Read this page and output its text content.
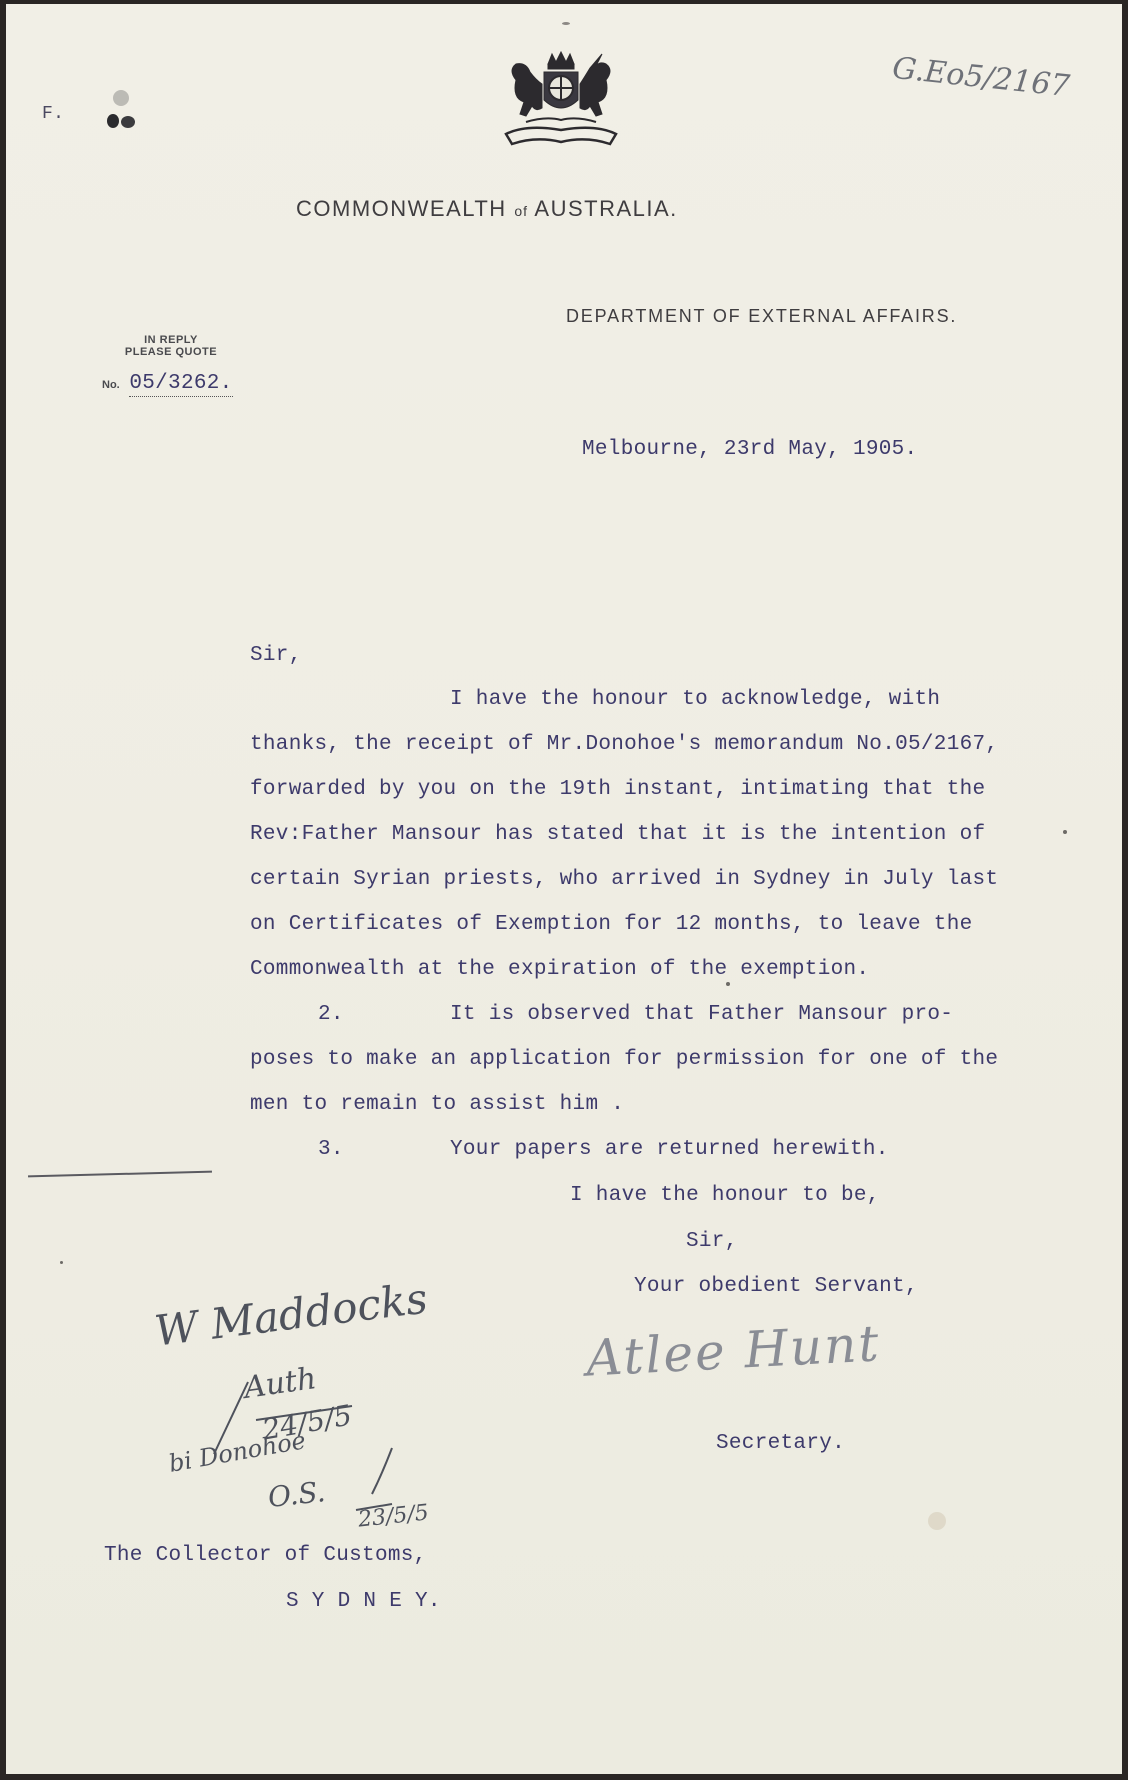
F.
G.Eo5/2167
COMMONWEALTH of AUSTRALIA.
DEPARTMENT OF EXTERNAL AFFAIRS.
IN REPLY
PLEASE QUOTE
No. 05/3262.
Melbourne, 23rd May, 1905.
Sir,
I have the honour to acknowledge, with
thanks, the receipt of Mr.Donohoe's memorandum No.05/2167,
forwarded by you on the 19th instant, intimating that the
Rev:Father Mansour has stated that it is the intention of
certain Syrian priests, who arrived in Sydney in July last
on Certificates of Exemption for 12 months, to leave the
Commonwealth at the expiration of the exemption.
2.	It is observed that Father Mansour pro-
poses to make an application for permission for one of the
men to remain to assist him .
3.	Your papers are returned herewith.
I have the honour to be,
Sir,
Your obedient Servant,
Atlee Hunt
Secretary.
W Maddocks
Auth
24/5/5
bi Donohoe
O.S.
23/5/5
The Collector of Customs,
S Y D N E Y.
